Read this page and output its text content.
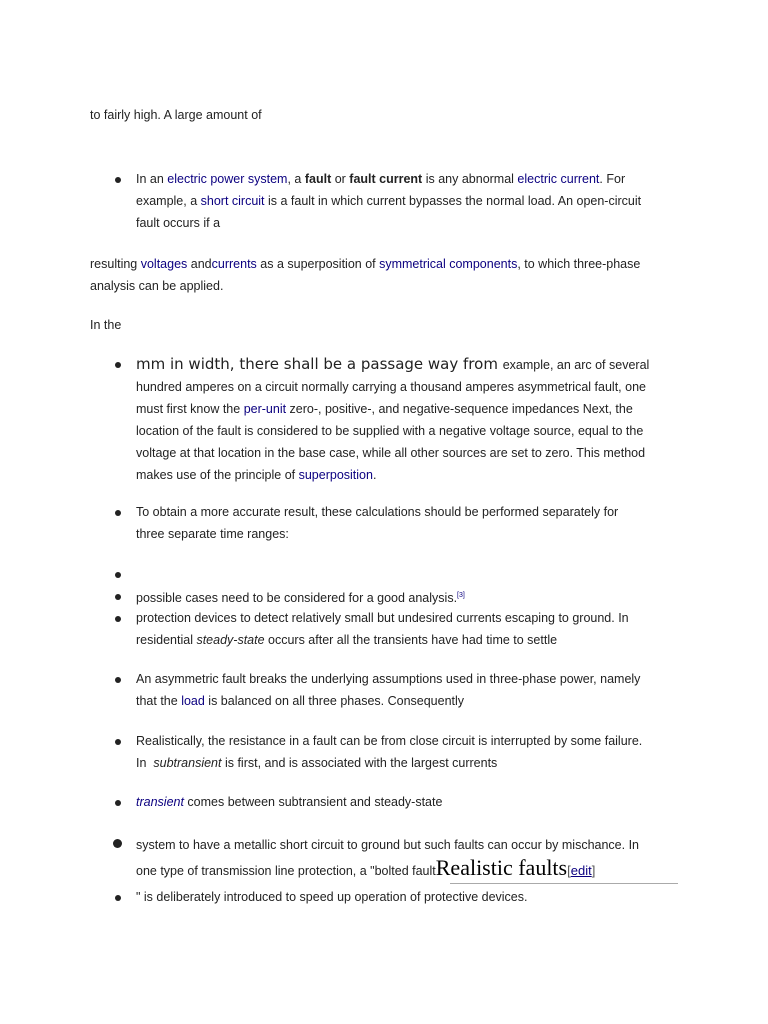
to fairly high. A large amount of
In an electric power system, a fault or fault current is any abnormal electric current. For
example, a short circuit is a fault in which current bypasses the normal load. An open-circuit
fault occurs if a
resulting voltages andcurrents as a superposition of symmetrical components, to which three-phase
analysis can be applied.
In the
mm in width, there shall be a passage way from example, an arc of several
hundred amperes on a circuit normally carrying a thousand amperes asymmetrical fault, one
must first know the per-unit zero-, positive-, and negative-sequence impedances Next, the
location of the fault is considered to be supplied with a negative voltage source, equal to the
voltage at that location in the base case, while all other sources are set to zero. This method
makes use of the principle of superposition.
To obtain a more accurate result, these calculations should be performed separately for
three separate time ranges:
possible cases need to be considered for a good analysis.[3]
protection devices to detect relatively small but undesired currents escaping to ground. In
residential steady-state occurs after all the transients have had time to settle
An asymmetric fault breaks the underlying assumptions used in three-phase power, namely
that the load is balanced on all three phases. Consequently
Realistically, the resistance in a fault can be from close circuit is interrupted by some failure.
In  subtransient is first, and is associated with the largest currents
transient comes between subtransient and steady-state
system to have a metallic short circuit to ground but such faults can occur by mischance. In
one type of transmission line protection, a "bolted faultRealistic faults[edit]
" is deliberately introduced to speed up operation of protective devices.
